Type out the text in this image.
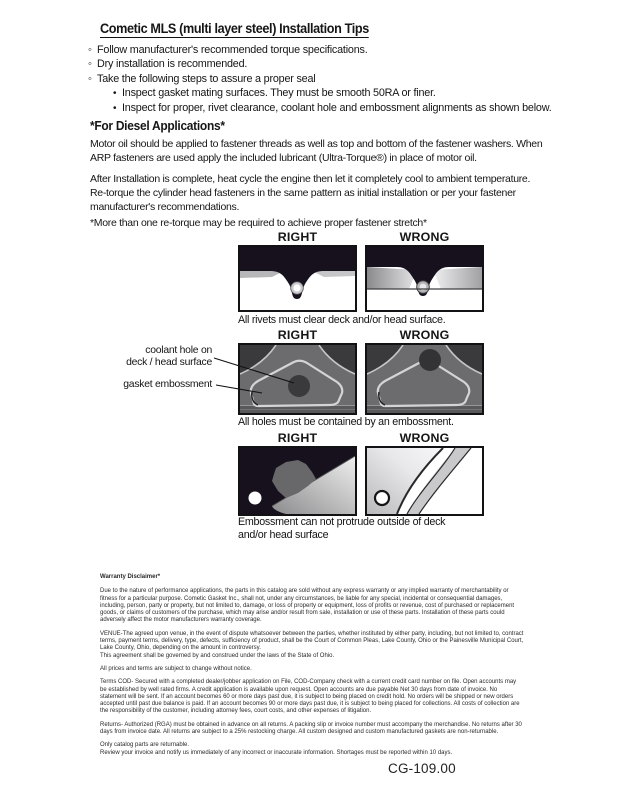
Cometic MLS (multi layer steel) Installation Tips
◦Follow manufacturer's recommended torque specifications.
◦Dry installation is recommended.
◦Take the following steps to assure a proper seal
•Inspect gasket mating surfaces. They must be smooth 50RA or finer.
•Inspect for proper, rivet clearance, coolant hole and embossment alignments as shown below.
*For Diesel Applications*
Motor oil should be applied to fastener threads as well as top and bottom of the fastener washers. When ARP fasteners are used apply the included lubricant (Ultra-Torque®) in place of motor oil.
After Installation is complete, heat cycle the engine then let it completely cool to ambient temperature. Re-torque the cylinder head fasteners in the same pattern as initial installation or per your fastener manufacturer's recommendations.
*More than one re-torque may be required to achieve proper fastener stretch*
RIGHT	WRONG
All rivets must clear deck and/or head surface.
RIGHT	WRONG
coolant hole on
deck / head surface
gasket embossment
All holes must be contained by an embossment.
RIGHT	WRONG
Embossment can not protrude outside of deck and/or head surface
Warranty Disclaimer*
Due to the nature of performance applications, the parts in this catalog are sold without any express warranty or any implied warranty of merchantability or fitness for a particular purpose. Cometic Gasket Inc., shall not, under any circumstances, be liable for any special, incidental or consequential damages, including, person, party or property, but not limited to, damage, or loss of property or equipment, loss of profits or revenue, cost of purchased or replacement goods, or claims of customers of the purchase, which may arise and/or result from sale, installation or use of these parts. Installation of these parts could adversely affect the motor manufacturers warranty coverage.
VENUE-The agreed upon venue, in the event of dispute whatsoever between the parties, whether instituted by either party, including, but not limited to, contract terms, payment terms, delivery, type, defects, sufficiency of product, shall be the Court of Common Pleas, Lake County, Ohio or the Painesville Municipal Court, Lake County, Ohio, depending on the amount in controversy.
This agreement shall be governed by and construed under the laws of the State of Ohio.
All prices and terms are subject to change without notice.
Terms COD- Secured with a completed dealer/jobber application on File, COD-Company check with a current credit card number on file. Open accounts may be established by well rated firms. A credit application is available upon request. Open accounts are due payable Net 30 days from date of invoice. No statement will be sent. If an account becomes 60 or more days past due, it is subject to being placed on credit hold. No orders will be shipped or new orders accepted until past due balance is paid. If an account becomes 90 or more days past due, it is subject to being placed for collections. All costs of collection are the responsibility of the customer, including attorney fees, court costs, and other expenses of litigation.
Returns- Authorized (RGA) must be obtained in advance on all returns. A packing slip or invoice number must accompany the merchandise. No returns after 30 days from invoice date. All returns are subject to a 25% restocking charge. All custom designed and custom manufactured gaskets are non-returnable.
Only catalog parts are returnable.
Review your invoice and notify us immediately of any incorrect or inaccurate information. Shortages must be reported within 10 days.
CG-109.00
